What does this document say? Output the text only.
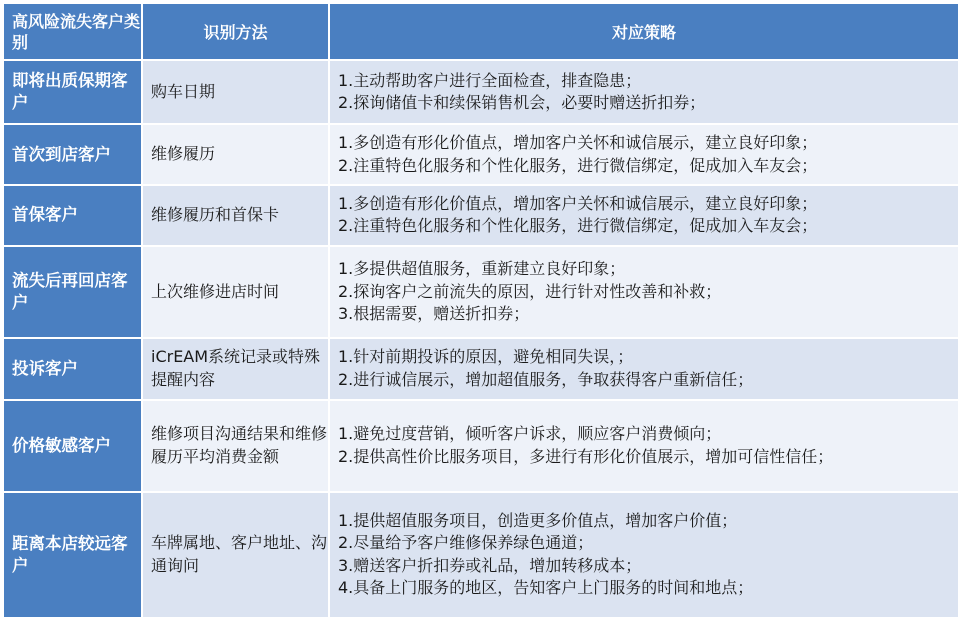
高风险流失客户类别	识别方法	对应策略
即将出质保期客户	购车日期	1.主动帮助客户进行全面检查，排查隐患；
2.探询储值卡和续保销售机会，必要时赠送折扣券；

首次到店客户	维修履历	1.多创造有形化价值点，增加客户关怀和诚信展示，建立良好印象；
2.注重特色化服务和个性化服务，进行微信绑定，促成加入车友会；

首保客户	维修履历和首保卡	1.多创造有形化价值点，增加客户关怀和诚信展示，建立良好印象；
2.注重特色化服务和个性化服务，进行微信绑定，促成加入车友会；

流失后再回店客户	上次维修进店时间	1.多提供超值服务，重新建立良好印象；
2.探询客户之前流失的原因，进行针对性改善和补救；
3.根据需要，赠送折扣券；

投诉客户	iCrEAM系统记录或特殊提醒内容	1.针对前期投诉的原因，避免相同失误，；
2.进行诚信展示，增加超值服务，争取获得客户重新信任；

价格敏感客户	维修项目沟通结果和维修履历平均消费金额	1.避免过度营销，倾听客户诉求，顺应客户消费倾向；
2.提供高性价比服务项目，多进行有形化价值展示，增加可信性信任；

距离本店较远客户	车牌属地、客户地址、沟通询问	1.提供超值服务项目，创造更多价值点，增加客户价值；
2.尽量给予客户维修保养绿色通道；
3.赠送客户折扣券或礼品，增加转移成本；
4.具备上门服务的地区，告知客户上门服务的时间和地点；
